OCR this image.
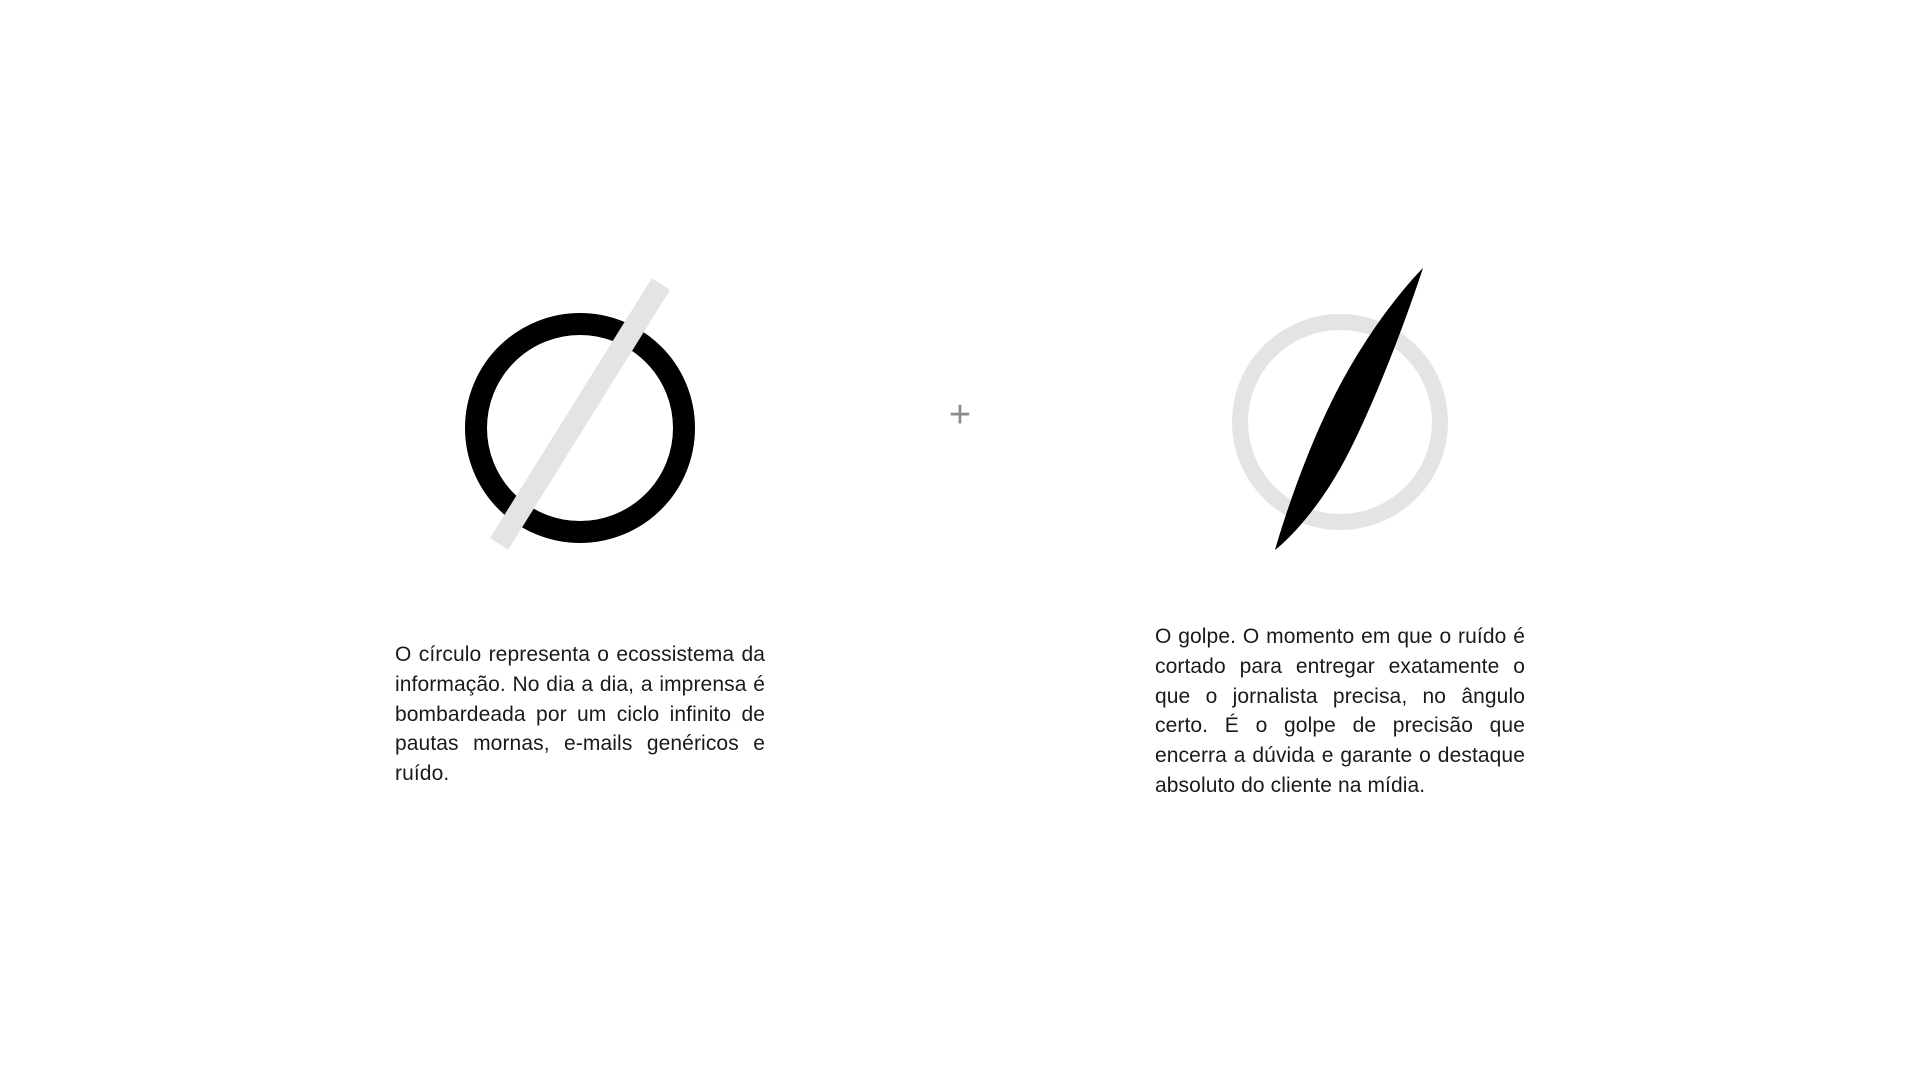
O círculo representa o ecossistema da informação. No dia a dia, a imprensa é bombardeada por um ciclo infinito de pautas mornas, e-mails genéricos e ruído.

+

O golpe. O momento em que o ruído é cortado para entregar exatamente o que o jornalista precisa, no ângulo certo. É o golpe de precisão que encerra a dúvida e garante o destaque absoluto do cliente na mídia.
